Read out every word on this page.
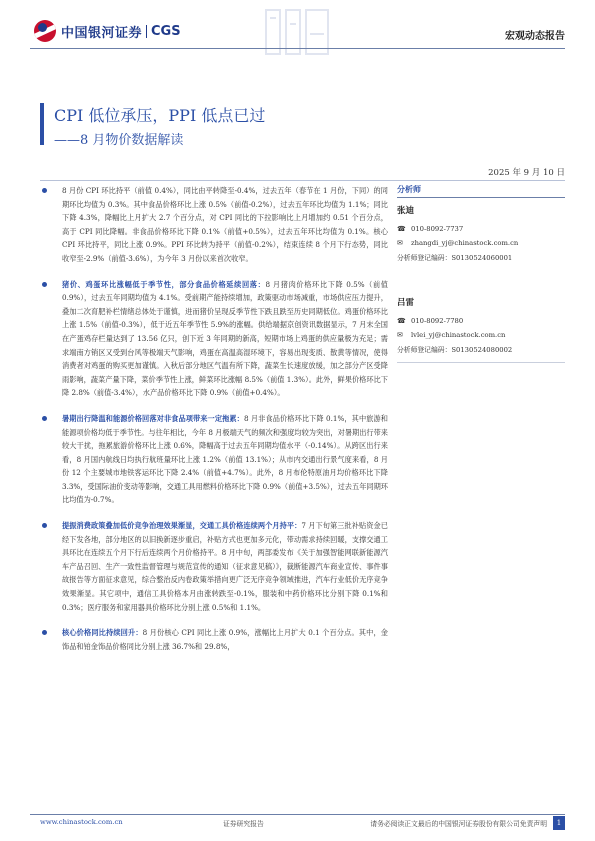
中国银河证券 CGS	宏观动态报告
CPI 低位承压，PPI 低点已过
——8 月物价数据解读
2025 年 9 月 10 日
8 月份 CPI 环比持平（前值 0.4%），同比由平转降至-0.4%，过去五年（春节在 1 月份，下同）的同期环比均值为 0.3%。其中食品价格环比上涨 0.5%（前值-0.2%），过去五年环比均值为 1.1%；同比下降 4.3%，降幅比上月扩大 2.7 个百分点，对 CPI 同比的下拉影响比上月增加约 0.51 个百分点，高于 CPI 同比降幅。非食品价格环比下降 0.1%（前值+0.5%），过去五年环比均值为 0.1%。核心 CPI 环比持平，同比上涨 0.9%。PPI 环比转为持平（前值-0.2%），结束连续 8 个月下行态势，同比收窄至-2.9%（前值-3.6%），为今年 3 月份以来首次收窄。
猪价、鸡蛋环比涨幅低于季节性，部分食品价格延续回落：8 月猪肉价格环比下降 0.5%（前值 0.9%），过去五年同期均值为 4.1%。受前期产能持续增加，政策驱动市场减重，市场供应压力提升，叠加二次育肥补栏情绪总体处于谨慎，进而猪价呈现反季节性下跌且跌至历史同期低位。鸡蛋价格环比上涨 1.5%（前值-0.3%），低于近五年季节性 5.9%的涨幅。供给端据京创资讯数据显示，7 月末全国在产蛋鸡存栏量达到了 13.56 亿只，创下近 3 年同期的新高，短期市场上鸡蛋的供应量极为充足；需求端南方销区又受到台风等极端天气影响，鸡蛋在高温高湿环境下，容易出现变质、散黄等情况，使得消费者对鸡蛋的购买更加谨慎。入秋后部分地区气温有所下降，蔬菜生长速度放缓，加之部分产区受降雨影响，蔬菜产量下降，菜价季节性上涨，鲜菜环比涨幅 8.5%（前值 1.3%）。此外，鲜果价格环比下降 2.8%（前值-3.4%），水产品价格环比下降 0.9%（前值+0.4%）。
暑期出行降温和能源价格回落对非食品项带来一定拖累：8 月非食品价格环比下降 0.1%，其中旅游和能源项价格均低于季节性。与往年相比，今年 8 月极端天气的频次和强度均较为突出，对暑期出行带来较大干扰，拖累旅游价格环比上涨 0.6%，降幅高于过去五年同期均值水平（-0.14%）。从跨区出行来看，8 月国内航线日均执行航班量环比上涨 1.2%（前值 13.1%）；从市内交通出行景气度来看，8 月份 12 个主要城市地铁客运环比下降 2.4%（前值+4.7%）。此外，8 月布伦特原油月均价格环比下降 3.3%，受国际油价变动等影响，交通工具用燃料价格环比下降 0.9%（前值+3.5%），过去五年同期环比均值为-0.7%。
提振消费政策叠加低价竞争治理效果渐显，交通工具价格连续两个月持平：7 月下旬第三批补贴资金已经下发各地，部分地区的以旧换新逐步重启，补贴方式也更加多元化，带动需求持续回暖，支撑交通工具环比在连续五个月下行后连续两个月价格持平。8 月中旬，两部委发布《关于加强智能网联新能源汽车产品召回、生产一致性监督管理与规范宣传的通知（征求意见稿）》，裁断能源汽车商业宣传、事件事故报告等方面征求意见，综合整治反内卷政策举措向更广泛无序竞争领域推进，汽车行业低价无序竞争效果渐显。其它项中，通信工具价格本月由涨转跌至-0.1%，服装和中药价格环比分别下降 0.1%和 0.3%；医疗服务和家用器具价格环比分别上涨 0.5%和 1.1%。
核心价格同比持续回升：8 月份核心 CPI 同比上涨 0.9%，涨幅比上月扩大 0.1 个百分点。其中，金饰品和铂金饰品价格同比分别上涨 36.7%和 29.8%，
分析师
张迪
☎ 010-8092-7737
✉	zhangdi_yj@chinastock.com.cn
分析师登记编码：S0130524060001
吕雷
☎ 010-8092-7780
✉	lvlei_yj@chinastock.com.cn
分析师登记编码：S0130524080002
www.chinastock.com.cn	证券研究报告	请务必阅读正文最后的中国银河证券股份有限公司免责声明	1
